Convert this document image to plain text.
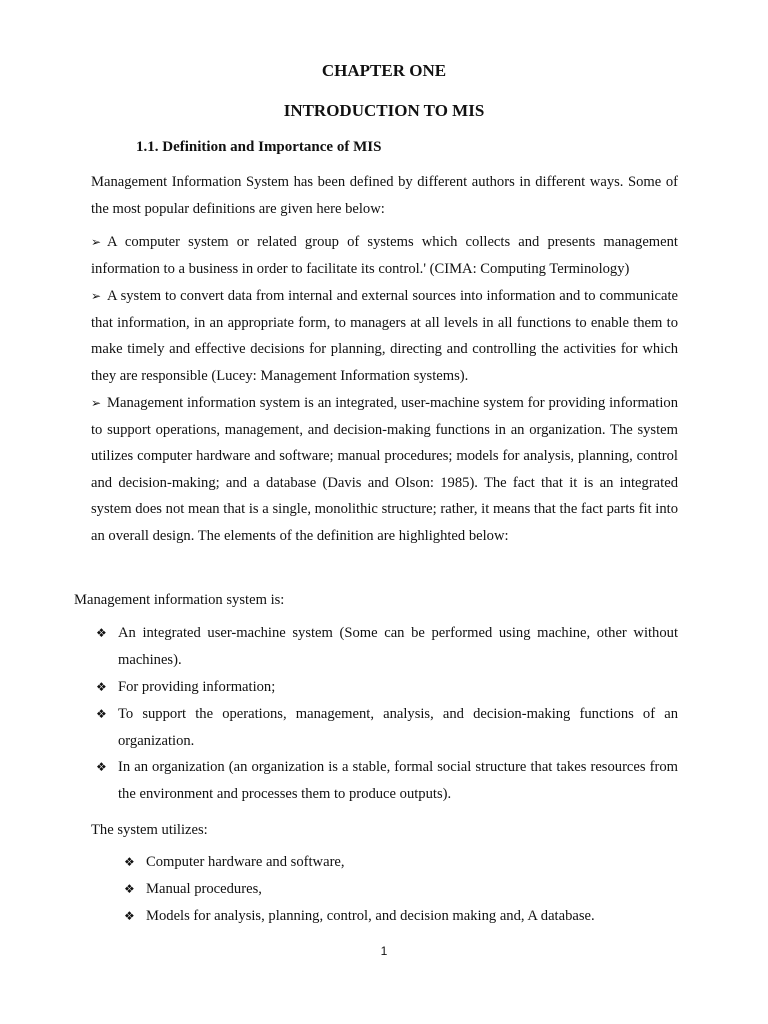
CHAPTER ONE
INTRODUCTION TO MIS
1.1. Definition and Importance of MIS
Management Information System has been defined by different authors in different ways. Some of the most popular definitions are given here below:
➢ A computer system or related group of systems which collects and presents management information to a business in order to facilitate its control.' (CIMA: Computing Terminology)
➢ A system to convert data from internal and external sources into information and to communicate that information, in an appropriate form, to managers at all levels in all functions to enable them to make timely and effective decisions for planning, directing and controlling the activities for which they are responsible (Lucey: Management Information systems).
➢ Management information system is an integrated, user-machine system for providing information to support operations, management, and decision-making functions in an organization. The system utilizes computer hardware and software; manual procedures; models for analysis, planning, control and decision-making; and a database (Davis and Olson: 1985). The fact that it is an integrated system does not mean that is a single, monolithic structure; rather, it means that the fact parts fit into an overall design. The elements of the definition are highlighted below:
Management information system is:
❖ An integrated user-machine system (Some can be performed using machine, other without machines).
❖ For providing information;
❖ To support the operations, management, analysis, and decision-making functions of an organization.
❖ In an organization (an organization is a stable, formal social structure that takes resources from the environment and processes them to produce outputs).
The system utilizes:
❖ Computer hardware and software,
❖ Manual procedures,
❖ Models for analysis, planning, control, and decision making and, A database.
1
